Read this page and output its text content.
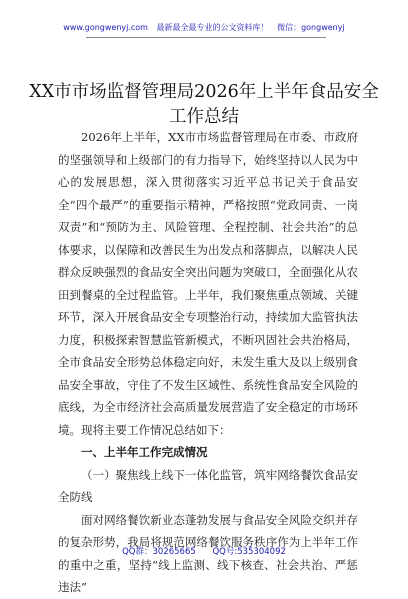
www.gongwenyj.com 最新最全最专业的公文资料库！ 微信：gongwenyj
XX市市场监督管理局2026年上半年食品安全
工作总结

2026年上半年，XX市市场监督管理局在市委、市政府的坚强领导和上级部门的有力指导下，始终坚持以人民为中心的发展思想，深入贯彻落实习近平总书记关于食品安全“四个最严”的重要指示精神，严格按照“党政同责、一岗双责”和“预防为主、风险管理、全程控制、社会共治”的总体要求，以保障和改善民生为出发点和落脚点，以解决人民群众反映强烈的食品安全突出问题为突破口，全面强化从农田到餐桌的全过程监管。上半年，我们聚焦重点领域、关键环节，深入开展食品安全专项整治行动，持续加大监管执法力度，积极探索智慧监管新模式，不断巩固社会共治格局，全市食品安全形势总体稳定向好，未发生重大及以上级别食品安全事故，守住了不发生区域性、系统性食品安全风险的底线，为全市经济社会高质量发展营造了安全稳定的市场环境。现将主要工作情况总结如下：

一、上半年工作完成情况

（一）聚焦线上线下一体化监管，筑牢网络餐饮食品安全防线

面对网络餐饮新业态蓬勃发展与食品安全风险交织并存的复杂形势，我局将规范网络餐饮服务秩序作为上半年工作的重中之重，坚持“线上监测、线下核查、社会共治、严惩违法”

QQ群：30265665 QQ号:535304092
